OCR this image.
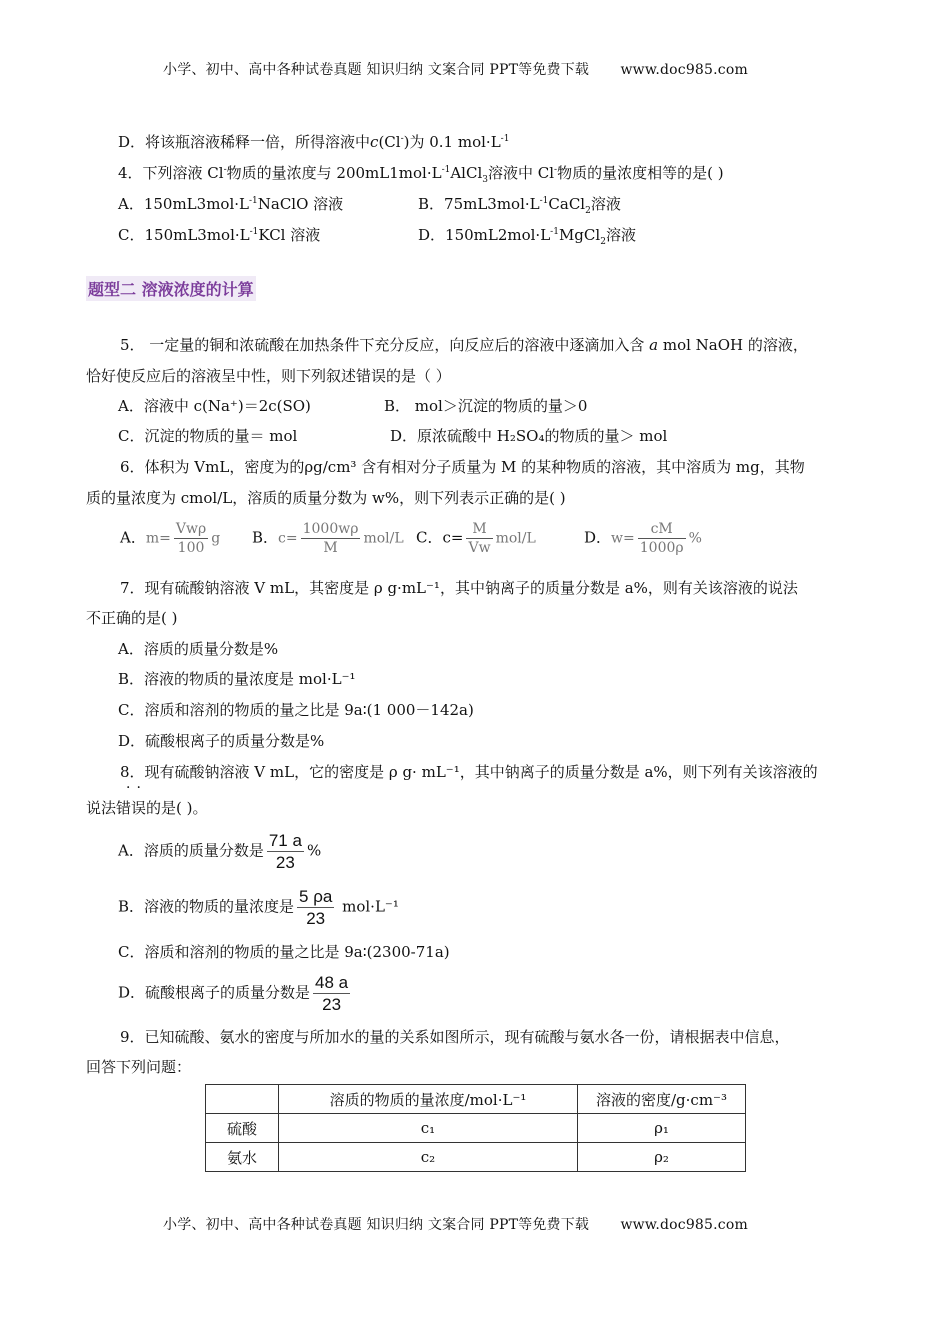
小学、初中、高中各种试卷真题 知识归纳 文案合同 PPT等免费下载 www.doc985.com
D．将该瓶溶液稀释一倍，所得溶液中c(Cl-)为 0.1 $mol\cdot L^{-1}$
4．下列溶液 Cl-物质的量浓度与 $200mL1mol\cdot L^{-1}AlCl_3$溶液中 Cl-物质的量浓度相等的是( )
A．$150mL3mol\cdot L^{-1}NaClO$ 溶液	B．$75mL3mol\cdot L^{-1}CaCl_2$溶液
C．$150mL3mol\cdot L^{-1}KCl$ 溶液	D．$150mL2mol\cdot L^{-1}MgCl_2$溶液
题型二 溶液浓度的计算
5． 一定量的铜和浓硫酸在加热条件下充分反应，向反应后的溶液中逐滴加入含 a mol NaOH 的溶液，
恰好使反应后的溶液呈中性，则下列叙述错误的是（ ）
A．溶液中 c(Na⁺)＝2c(SO)	B． mol＞沉淀的物质的量＞0
C．沉淀的物质的量＝ mol	D．原浓硫酸中 H₂SO₄的物质的量＞ mol
6．体积为 VmL，密度为的ρg/cm³ 含有相对分子质量为 M 的某种物质的溶液，其中溶质为 mg，其物
质的量浓度为 cmol/L，溶质的质量分数为 w%，则下列表示正确的是( )
A．$m= \frac{\text{Vwρ}}{100}$ g B．$c= \frac{1000w\rho}{M} mol/L$ C．$c= \frac{M}{Vw} mol/L$	D．$w= \frac{cM}{1000\rho}$ %
7．现有硫酸钠溶液 V mL，其密度是 ρ g·mL⁻¹，其中钠离子的质量分数是 a%，则有关该溶液的说法
不正确的是( )
A．溶质的质量分数是%
B．溶液的物质的量浓度是 mol·L⁻¹
C．溶质和溶剂的物质的量之比是 9a∶(1 000－142a)
D．硫酸根离子的质量分数是%
8．现有硫酸钠溶液 V mL，它的密度是 ρ g· mL⁻¹，其中钠离子的质量分数是 a%，则下列有关该溶液的
··
说法错误的是( )。
A．溶质的质量分数是 $\frac{71 a}{23}$ %
B．溶液的物质的量浓度是 $\frac{5 \rho a}{23} mol\cdot L^{-1}$
C．溶质和溶剂的物质的量之比是 9a∶(2300-71a)
D．硫酸根离子的质量分数是 $\frac{48 a}{23}$
9．已知硫酸、氨水的密度与所加水的量的关系如图所示，现有硫酸与氨水各一份，请根据表中信息，
回答下列问题：
	溶质的物质的量浓度/mol·L⁻¹	溶液的密度/g·cm⁻³
硫酸	c₁	ρ₁
氨水	c₂	ρ₂
小学、初中、高中各种试卷真题 知识归纳 文案合同 PPT等免费下载 www.doc985.com
